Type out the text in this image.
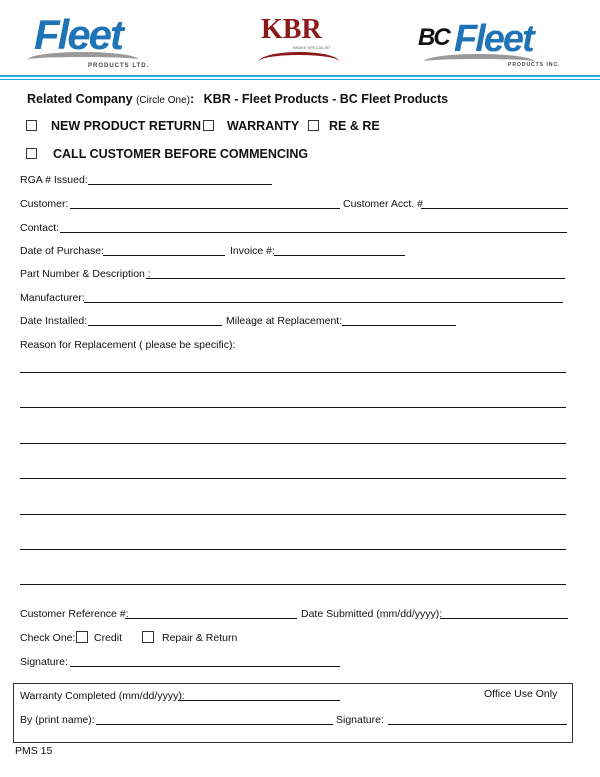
Fleet
PRODUCTS LTD.
KBR
BRAKE SPECIALIST	BC Fleet
PRODUCTS INC.
Related Company (Circle One): KBR - Fleet Products - BC Fleet Products
NEW PRODUCT RETURN WARRANTY RE & RE
CALL CUSTOMER BEFORE COMMENCING
RGA # Issued:
Customer:	Customer Acct. #
Contact:
Date of Purchase:	Invoice #:
Part Number & Description :
Manufacturer:
Date Installed:	Mileage at Replacement:
Reason for Replacement ( please be specific):
Customer Reference #:	Date Submitted (mm/dd/yyyy):
Check One: Credit	Repair & Return
Signature:
Warranty Completed (mm/dd/yyyy):	Office Use Only
By (print name):	Signature:
PMS 15
